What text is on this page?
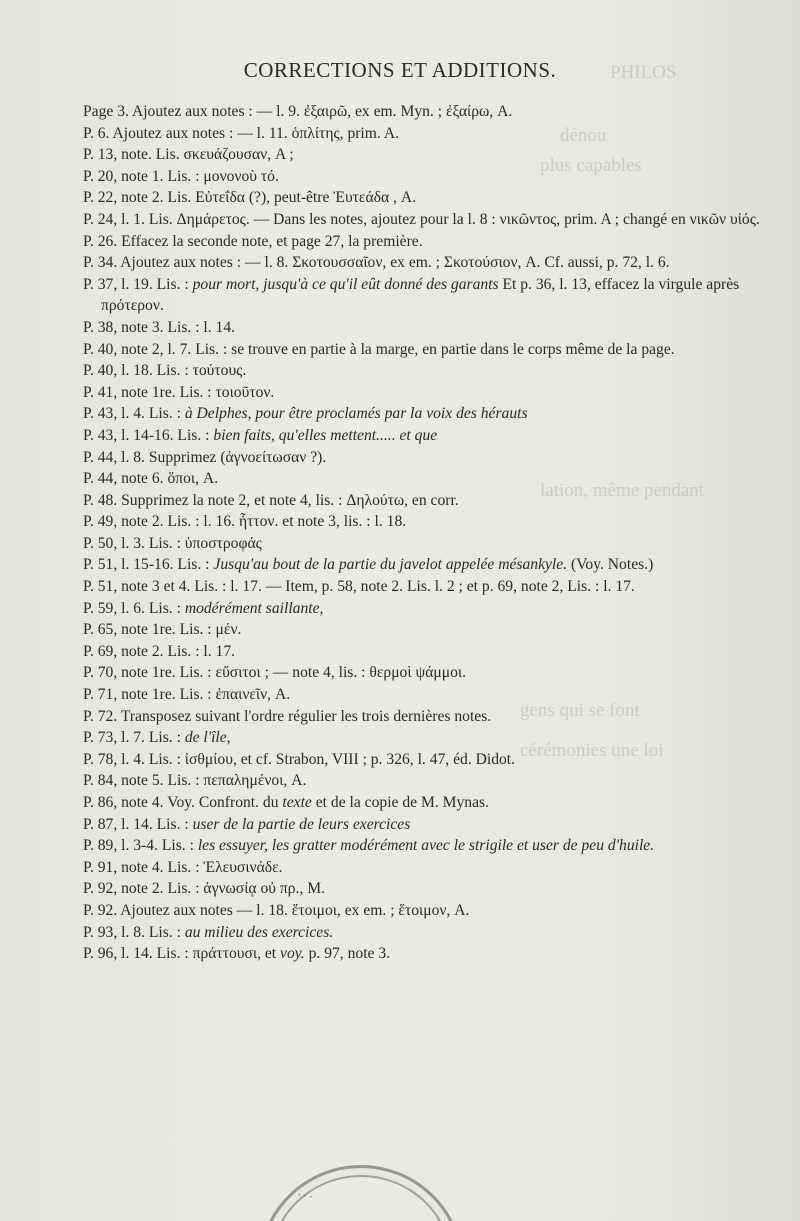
PHILOS
dénou
plus capables
lation, même pendant
gens qui se font
cérémonies une loi
CORRECTIONS ET ADDITIONS.
Page 3. Ajoutez aux notes : — l. 9. ἐξαιρῶ, ex em. Myn. ; ἐξαίρω, A.
P. 6. Ajoutez aux notes : — l. 11. ὁπλίτης, prim. A.
P. 13, note. Lis. σκευάζουσαν, A ;
P. 20, note 1. Lis. : μονονοὺ τό.
P. 22, note 2. Lis. Εὐτεΐδα (?), peut-être Ἐυτεάδα , A.
P. 24, l. 1. Lis. Δημάρετος. — Dans les notes, ajoutez pour la l. 8 : νικῶντος, prim. A ; changé en νικῶν υἱός.
P. 26. Effacez la seconde note, et page 27, la première.
P. 34. Ajoutez aux notes : — l. 8. Σκοτουσσαῖον, ex em. ; Σκοτούσιον, A. Cf. aussi, p. 72, l. 6.
P. 37, l. 19. Lis. : pour mort, jusqu'à ce qu'il eût donné des garants Et p. 36, l. 13, effacez la virgule après πρότερον.
P. 38, note 3. Lis. : l. 14.
P. 40, note 2, l. 7. Lis. : se trouve en partie à la marge, en partie dans le corps même de la page.
P. 40, l. 18. Lis. : τούτους.
P. 41, note 1re. Lis. : τοιοῦτον.
P. 43, l. 4. Lis. : à Delphes, pour être proclamés par la voix des hérauts
P. 43, l. 14-16. Lis. : bien faits, qu'elles mettent..... et que
P. 44, l. 8. Supprimez (ἀγνοείτωσαν ?).
P. 44, note 6. ὅποι, A.
P. 48. Supprimez la note 2, et note 4, lis. : Δηλούτω, en corr.
P. 49, note 2. Lis. : l. 16. ἧττον. et note 3, lis. : l. 18.
P. 50, l. 3. Lis. : ὑποστροφάς
P. 51, l. 15-16. Lis. : Jusqu'au bout de la partie du javelot appelée mésankyle. (Voy. Notes.)
P. 51, note 3 et 4. Lis. : l. 17. — Item, p. 58, note 2. Lis. l. 2 ; et p. 69, note 2, Lis. : l. 17.
P. 59, l. 6. Lis. : modérément saillante,
P. 65, note 1re. Lis. : μέν.
P. 69, note 2. Lis. : l. 17.
P. 70, note 1re. Lis. : εὔσιτοι ; — note 4, lis. : θερμοὶ ψάμμοι.
P. 71, note 1re. Lis. : ἐπαινεῖν, A.
P. 72. Transposez suivant l'ordre régulier les trois dernières notes.
P. 73, l. 7. Lis. : de l'île,
P. 78, l. 4. Lis. : ἰσθμίου, et cf. Strabon, VIII ; p. 326, l. 47, éd. Didot.
P. 84, note 5. Lis. : πεπαλημένοι, A.
P. 86, note 4. Voy. Confront. du texte et de la copie de M. Mynas.
P. 87, l. 14. Lis. : user de la partie de leurs exercices
P. 89, l. 3-4. Lis. : les essuyer, les gratter modérément avec le strigile et user de peu d'huile.
P. 91, note 4. Lis. : Ἐλευσινάδε.
P. 92, note 2. Lis. : ἀγνωσίᾳ οὐ πρ., M.
P. 92. Ajoutez aux notes — l. 18. ἕτοιμοι, ex em. ; ἕτοιμον, A.
P. 93, l. 8. Lis. : au milieu des exercices.
P. 96, l. 14. Lis. : πράττουσι, et voy. p. 97, note 3.
...
